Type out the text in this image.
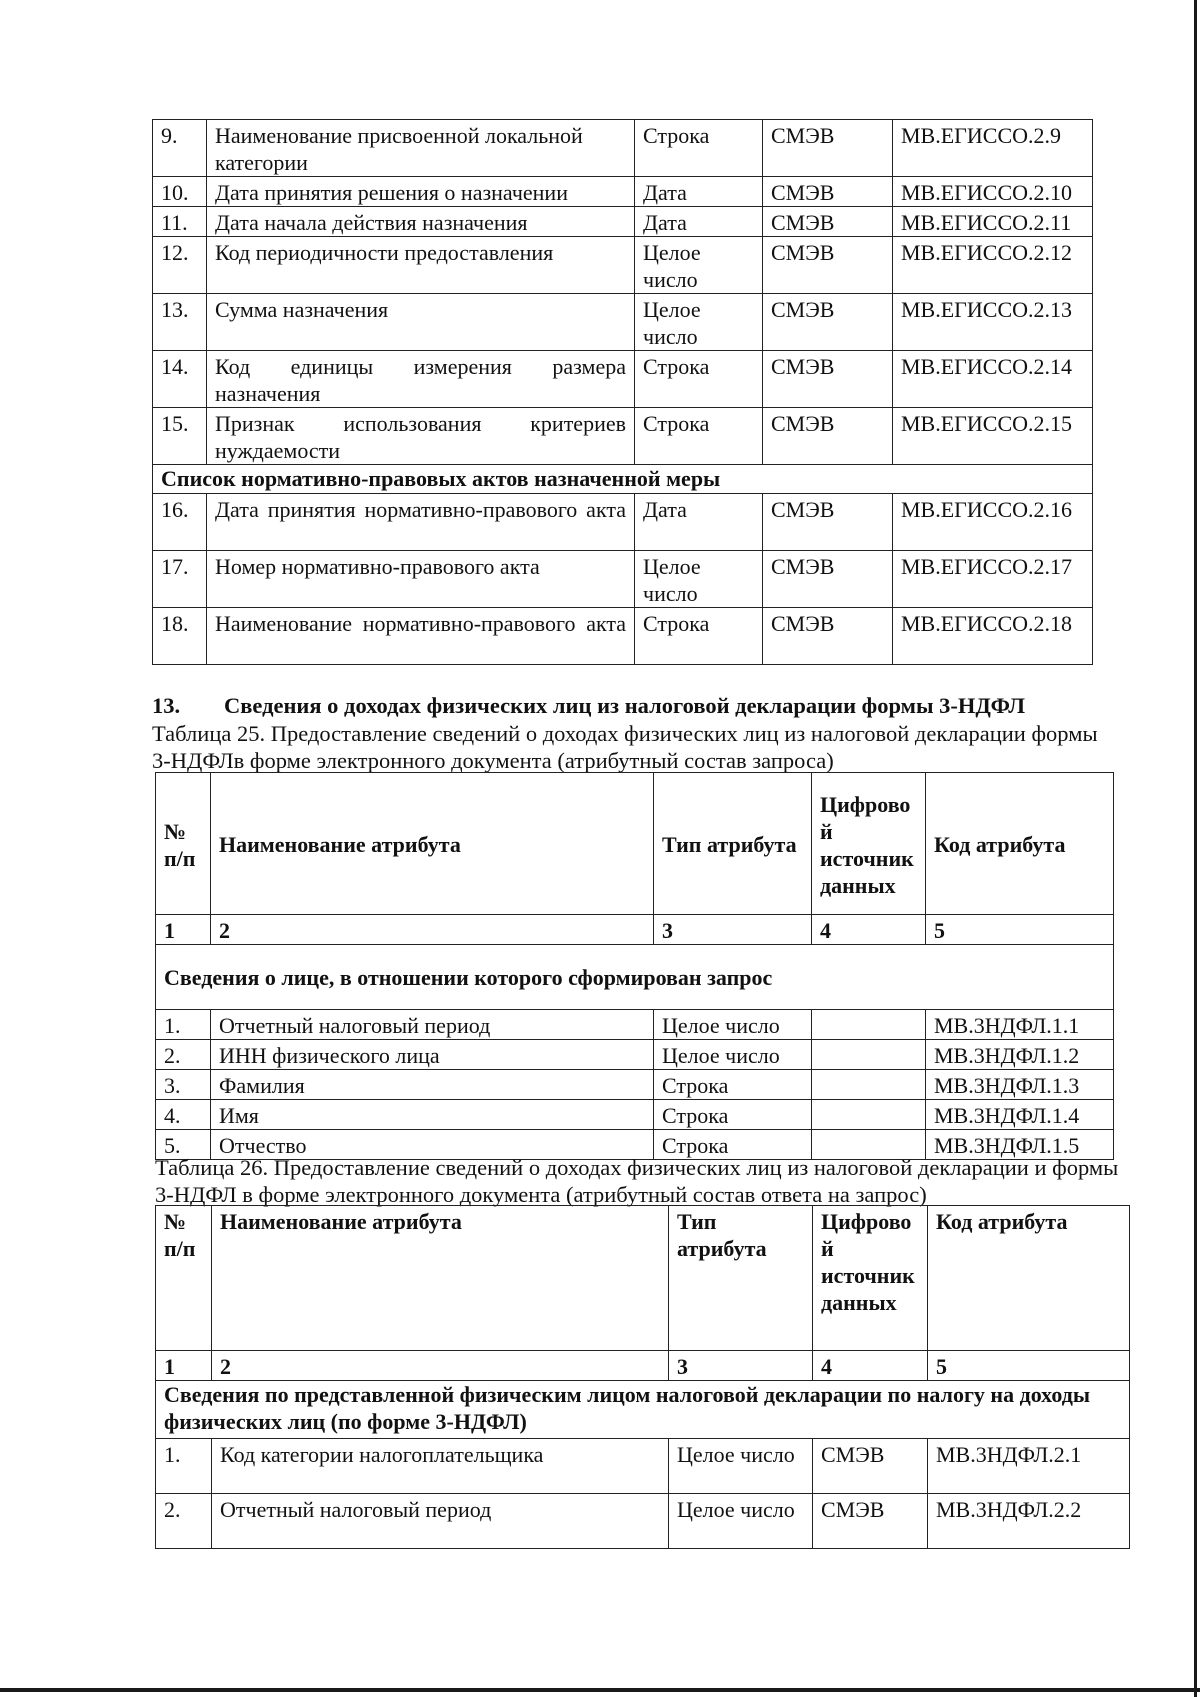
9.	Наименование присвоенной локальной категории	Строка	СМЭВ	МВ.ЕГИССО.2.9
10.	Дата принятия решения о назначении	Дата	СМЭВ	МВ.ЕГИССО.2.10
11.	Дата начала действия назначения	Дата	СМЭВ	МВ.ЕГИССО.2.11
12.	Код периодичности предоставления	Целое число	СМЭВ	МВ.ЕГИССО.2.12
13.	Сумма назначения	Целое число	СМЭВ	МВ.ЕГИССО.2.13
14.	Код единицы измерения размера назначения	Строка	СМЭВ	МВ.ЕГИССО.2.14
15.	Признак использования критериев нуждаемости	Строка	СМЭВ	МВ.ЕГИССО.2.15
Список нормативно-правовых актов назначенной меры				
16.	Дата принятия нормативно-правового акта	Дата	СМЭВ	МВ.ЕГИССО.2.16
17.	Номер нормативно-правового акта	Целое число	СМЭВ	МВ.ЕГИССО.2.17
18.	Наименование нормативно-правового акта	Строка	СМЭВ	МВ.ЕГИССО.2.18
13. Сведения о доходах физических лиц из налоговой декларации формы 3-НДФЛ
Таблица 25. Предоставление сведений о доходах физических лиц из налоговой декларации формы 3-НДФЛв форме электронного документа (атрибутный состав запроса)
№ п/п	Наименование атрибута	Тип атрибута	Цифровой источник данных	Код атрибута
1	2	3	4	5
Сведения о лице, в отношении которого сформирован запрос				
1.	Отчетный налоговый период	Целое число		МВ.3НДФЛ.1.1
2.	ИНН физического лица	Целое число		МВ.3НДФЛ.1.2
3.	Фамилия	Строка		МВ.3НДФЛ.1.3
4.	Имя	Строка		МВ.3НДФЛ.1.4
5.	Отчество	Строка		МВ.3НДФЛ.1.5
Таблица 26. Предоставление сведений о доходах физических лиц из налоговой декларации и формы 3-НДФЛ в форме электронного документа (атрибутный состав ответа на запрос)
№ п/п	Наименование атрибута	Тип атрибута	Цифровой источник данных	Код атрибута
1	2	3	4	5
Сведения по представленной физическим лицом налоговой декларации по налогу на доходы физических лиц (по форме 3-НДФЛ)				
1.	Код категории налогоплательщика	Целое число	СМЭВ	МВ.3НДФЛ.2.1
2.	Отчетный налоговый период	Целое число	СМЭВ	МВ.3НДФЛ.2.2
